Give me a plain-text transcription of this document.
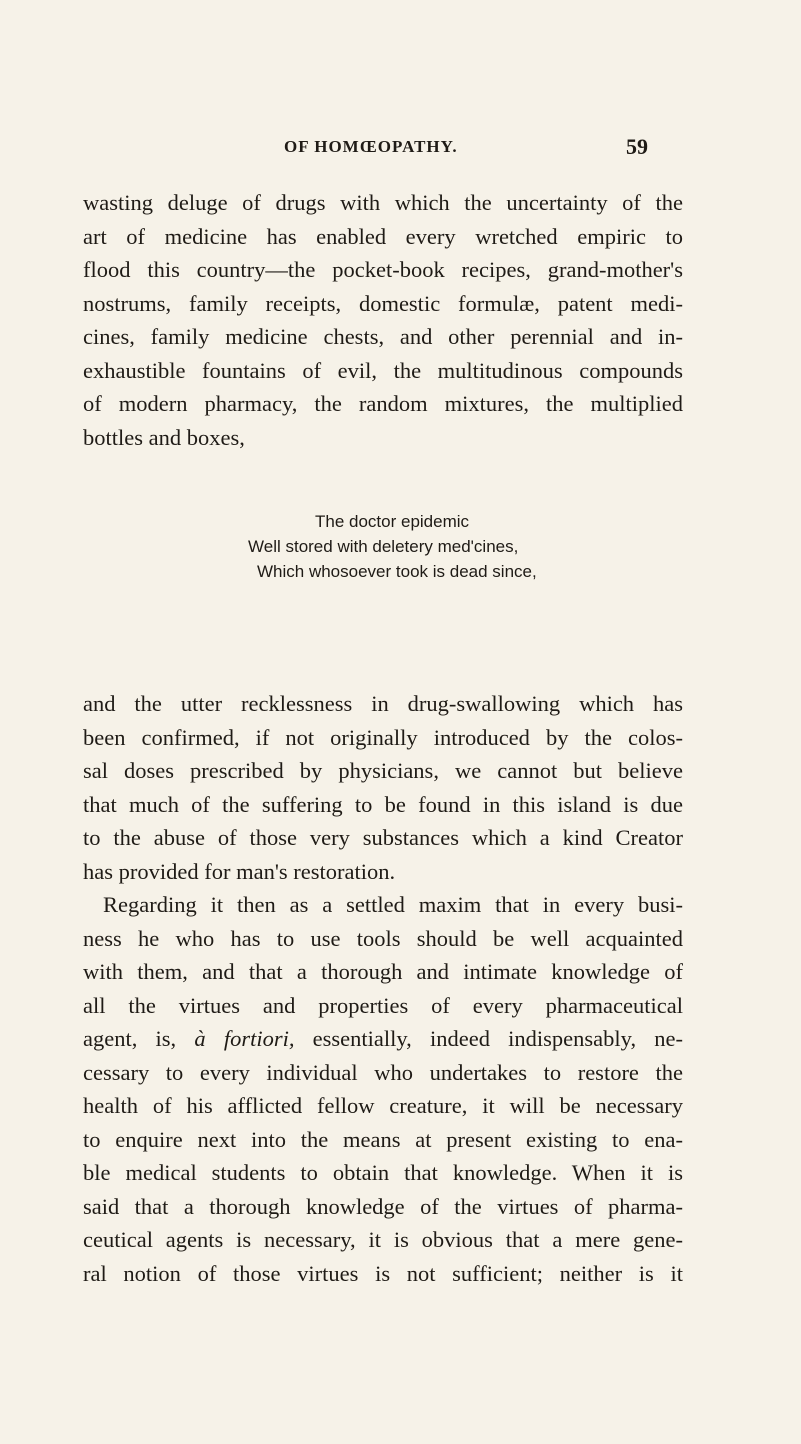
OF HOMŒOPATHY.	59
wasting deluge of drugs with which the uncertainty of the
art of medicine has enabled every wretched empiric to
flood this country—the pocket-book recipes, grand-mother's
nostrums, family receipts, domestic formulæ, patent medi-
cines, family medicine chests, and other perennial and in-
exhaustible fountains of evil, the multitudinous compounds
of modern pharmacy, the random mixtures, the multiplied
bottles and boxes,
The doctor epidemic
Well stored with deletery med'cines,
Which whosoever took is dead since,
and the utter recklessness in drug-swallowing which has
been confirmed, if not originally introduced by the colos-
sal doses prescribed by physicians, we cannot but believe
that much of the suffering to be found in this island is due
to the abuse of those very substances which a kind Creator
has provided for man's restoration.
Regarding it then as a settled maxim that in every busi-
ness he who has to use tools should be well acquainted
with them, and that a thorough and intimate knowledge of
all the virtues and properties of every pharmaceutical
agent, is, à fortiori, essentially, indeed indispensably, ne-
cessary to every individual who undertakes to restore the
health of his afflicted fellow creature, it will be necessary
to enquire next into the means at present existing to ena-
ble medical students to obtain that knowledge. When it is
said that a thorough knowledge of the virtues of pharma-
ceutical agents is necessary, it is obvious that a mere gene-
ral notion of those virtues is not sufficient; neither is it
